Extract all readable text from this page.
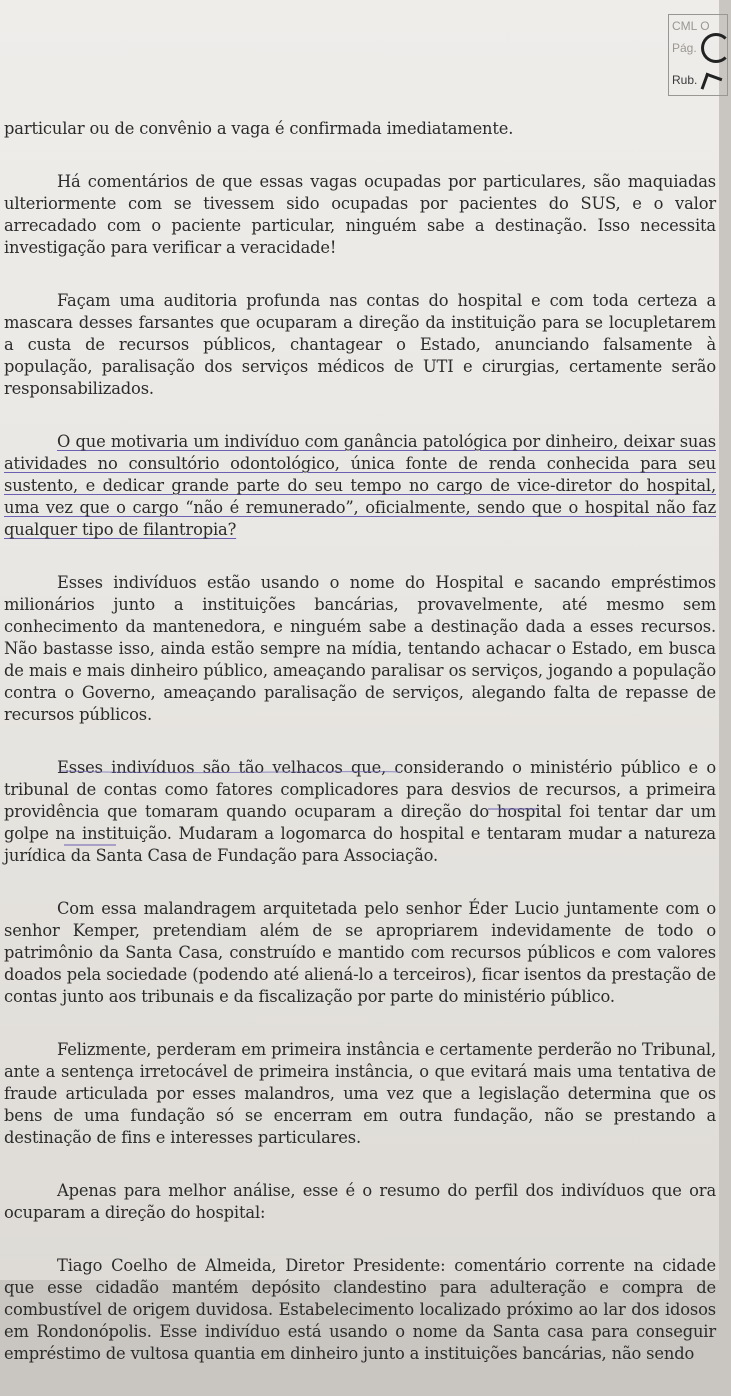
CML O
Pág.
Rub.

particular ou de convênio a vaga é confirmada imediatamente.

Há comentários de que essas vagas ocupadas por particulares, são maquiadas ulteriormente com se tivessem sido ocupadas por pacientes do SUS, e o valor arrecadado com o paciente particular, ninguém sabe a destinação. Isso necessita investigação para verificar a veracidade!

Façam uma auditoria profunda nas contas do hospital e com toda certeza a mascara desses farsantes que ocuparam a direção da instituição para se locupletarem a custa de recursos públicos, chantagear o Estado, anunciando falsamente à população, paralisação dos serviços médicos de UTI e cirurgias, certamente serão responsabilizados.

O que motivaria um indivíduo com ganância patológica por dinheiro, deixar suas atividades no consultório odontológico, única fonte de renda conhecida para seu sustento, e dedicar grande parte do seu tempo no cargo de vice-diretor do hospital, uma vez que o cargo “não é remunerado”, oficialmente, sendo que o hospital não faz qualquer tipo de filantropia?

Esses indivíduos estão usando o nome do Hospital e sacando empréstimos milionários junto a instituições bancárias, provavelmente, até mesmo sem conhecimento da mantenedora, e ninguém sabe a destinação dada a esses recursos. Não bastasse isso, ainda estão sempre na mídia, tentando achacar o Estado, em busca de mais e mais dinheiro público, ameaçando paralisar os serviços, jogando a população contra o Governo, ameaçando paralisação de serviços, alegando falta de repasse de recursos públicos.

Esses indivíduos são tão velhacos que, considerando o ministério público e o tribunal de contas como fatores complicadores para desvios de recursos, a primeira providência que tomaram quando ocuparam a direção do hospital foi tentar dar um golpe na instituição. Mudaram a logomarca do hospital e tentaram mudar a natureza jurídica da Santa Casa de Fundação para Associação.

Com essa malandragem arquitetada pelo senhor Éder Lucio juntamente com o senhor Kemper, pretendiam além de se apropriarem indevidamente de todo o patrimônio da Santa Casa, construído e mantido com recursos públicos e com valores doados pela sociedade (podendo até aliená-lo a terceiros), ficar isentos da prestação de contas junto aos tribunais e da fiscalização por parte do ministério público.

Felizmente, perderam em primeira instância e certamente perderão no Tribunal, ante a sentença irretocável de primeira instância, o que evitará mais uma tentativa de fraude articulada por esses malandros, uma vez que a legislação determina que os bens de uma fundação só se encerram em outra fundação, não se prestando a destinação de fins e interesses particulares.

Apenas para melhor análise, esse é o resumo do perfil dos indivíduos que ora ocuparam a direção do hospital:

Tiago Coelho de Almeida, Diretor Presidente: comentário corrente na cidade que esse cidadão mantém depósito clandestino para adulteração e compra de combustível de origem duvidosa. Estabelecimento localizado próximo ao lar dos idosos em Rondonópolis. Esse indivíduo está usando o nome da Santa casa para conseguir empréstimo de vultosa quantia em dinheiro junto a instituições bancárias, não sendo
